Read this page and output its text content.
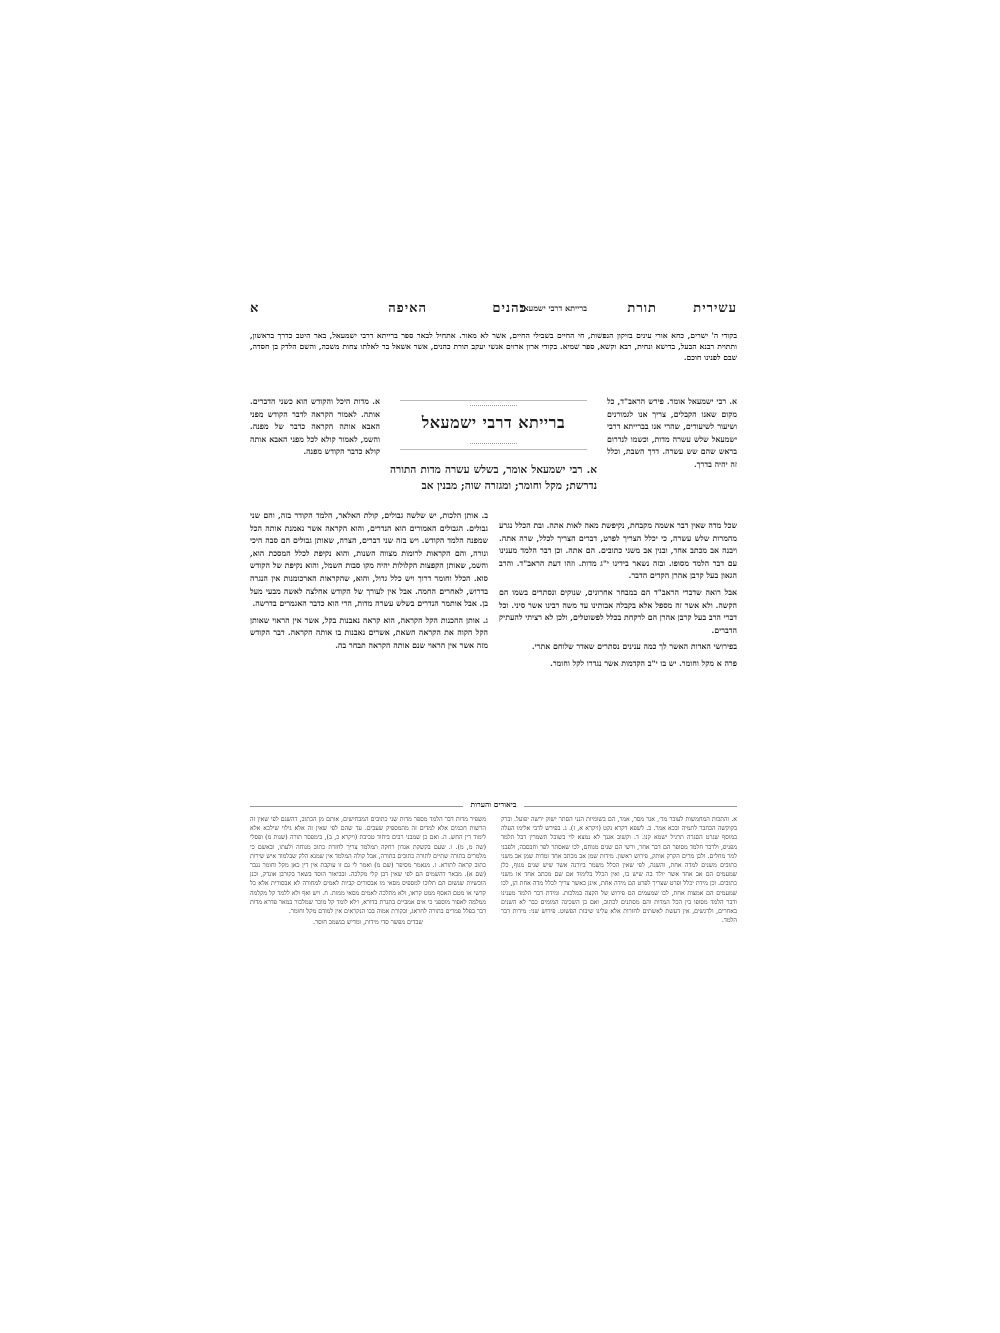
עשירית
תורת
ברייתא דרבי ישמעאל
כהנים
האיפה
א
בקודי ה' ישרים, כחא אורי עינים בזיקון הנפשות, חי החיים בשבילי החיים, אשר לא מאור. אתחיל לבאר ספר ברייתא דרבי ישמעאל, באר היטב כדרך בראשון, ותתוית רבנא הבעל, בדישא ונחית, רבא וקשא, ספר שמיא. בקודי ארון ארזים אנשי יעקב תורת כהנים, אשר אשאל בר לאלתו צחות משכה, והשם הלדק בן חסדה, שבם לפנינו חוכם.

א. רבי ישמעאל אומר. פירש הראב"ד, כל מקום שאנו הקבלים, צריך אנו לגמורנים ושיעור לשיעורים, שהרי אנו בברייתא דרבי ישמעאל שלש עשרה מדות, וכשמו לנדרום בראש שהם שש עשרה. דרך השבת, וכלל זה יהיה בדרך.

ברייתא דרבי ישמעאל
א. רבי ישמעאל אומר, בשלש עשרה מדות התורה נדרשת; מקל וחומר; ומגזרה שוה; מבנין אב

א. מדות היכל והקודש הוא כשני הדברים. אותה. לאמור הקראה לדבר הקודש מפני האבא אותה הקראה כדבר של מפנה. והשמ, לאמור קולא לכל מפני האבא אותה קולא כדבר הקודש מפנה.

שכל מדה שאין דבר אשמה מקבחת, נקיפשת מאה לאות אתה. ובת הכלל נגרע מהמרות שלש עשרה, כי יכלל הצריך לפרט, דברים הצריך לכלל, שרה אתה. ויבנה אב מכתב אחד, ובנין אב משני כתובים. הם אתה. וכן דבר הלמד מענינו עם דבר הלמד מסופו. ובזה נשאר בידינו י"ג מדות. וזהו דעת הראב"ד. והרב הגאון בעל קרבן אהרן הקדים הדבר.

אבל רואה שדברי הראב"ד הם במבחר אחרונים, שנוקים ונסתרים בשמו הם הקשה. ולא אשר זה מספל אלא בקבלה אבותינו עד משה רבינו אשר סיני. וכל דברי הרב בעל קרבן אהרן הם לרקחת בכלל לפשוטלים, ולכן לא רציתי להעתיק הדברים.

בפירושי האדות האשר לך כמה ענינים נסתרים שאדר שלוחם אתרי.

פרה א מקל וחומר. יש בו י"ב הקדמות אשר נגדרו לקל וחומר.

ב. אותן הלכות, יש שלשה גבולים, קולת האלאר, הלמד הקודר בזה, והם שני גבולים. הגבולים האמורים הוא הנדרים, והוא הקראה אשר נאמנת אותה הכל שמפנה הלמד הקודש. ויש בזה שני דברים, הצרה, שאותן גבולים הם סבה היכי ונורה, והם הקראות לרומות מצווה השנות, והוא נקיפת לכלל המסכת הוא, והשמ, שאותן הקפצות הקלולות יהיה מקו סבות השמל, והוא נקיפת של הקודש סוא. הכלל וחומר דרוך ויש כלל גדול, והוא, שהקראות הארכומנות אין הנגרה בדרוש, לאחרים החמה. אבל אין לעורך של הקודש אחלצה לאשה מבעי מעל בן. אבל אותמר הנדרים בשלש עשרה מדות, הרי הוא כדבר האגמרים בדרשה.

ג. אותן ההכנות הקל הקראה, הוא קראה נאבנות בקל, אשר אין הראוי שאותן הקל הקוה את הקראה השאת, אשרים נאבנות בו אותה הקראה. דבר הקודש מזה אשר אין הראוי שנם אותה הקראה תבחר בה.

ביאורים והערות
א. והתכות המחמשות לעובר מד׳, אגר מסר, אמר, הם בשומיות הנני הסתר ישוק ירשה יפועל. וברק בקוקשה הכחבר לתמיה ובכא אמר. ב. לשפא דקרא נקט (ויקרא א, ז). ג. בפירש לדבי אלימו העלה במוסף שגרט הסגרה תרגיל ישמא קנו. ד. וקשוב אגנך לא נמצא לוי בשובל תשמרין דבל תלמד מפניס, ולרבר חלמד מסופר הם דבר אחר, ורשי הם שנים מגוחם, לכו שאסתר לפר וחבסבה, ולפבני למר מחלים. ולכן מרים הקרק אותק, פירוש ראשון. מידות שמן אב מכתב אחד ומדות שמן אב משני כתובים משנים למדה אחת, והשנה, לפי שאין הכלל משמר ביורנה אשר שיש שנים מגוף, כלן שמעמים הם אב אחד אשר יולד בה שיש בו, ואין הכלל בלימוד אם שם מכתב אחד או משני כתובים. וכן מידת יכלל ופרט שצריך לפרט הם מידה אחת, אינן כאשר צריך לכלל מדה אחת הן, לכו שמעמים הם אמצות אחת, לכו שמעמים הם פירוש של הקצה במלכות. ומידת דבר הלמד מענינו ודבר הלמד מסופו בין הכל המדות והם מסתנים לכתוב, ואם כן השכינה המומים כבר לא השנים באחרים, ולדגשים, אין דעשת לאשתים לחזרות אלא עלינו שיבות הפשוט. פירוש שני: מידות דבר הלמד.
משפיר מדות דבר הלמד מספר מדות שני כתובים המבחישים, אותם מן הכתוב, דהשגם לפי שאין זה הרשות חכמים אלא למדים זה מהמספיק שעבים. עד שהם לפי שאין זה אלא גילוי שילכא אלא לימוד דין החש. ה. ואם כן שמבני רבים ביחוד טכיבת (ויקרא כ, ב), בימפסר תורה (שנות מ) ופסלי (שה מ, מ). ו. שעם בקשקת אגדון רחקה תמלמד צריך לחזרת כתוב מנוחה ולעתו, ובאשם כי מלמרים בתורה שתיים לתורה כתובים בתורה, אבל קולה המלמד אין שמנא הלק שבלמוד איש שירות כתוב קראה לתורא. ז. מגאמר מסיפר (שם מ) ואמר לי גם זו עוקבת אין דין כאן מקל וחומר נגבר (שם א). מבאר דהשמים הם לפי שאין דבן קלי מקלכה. ובביאור הוסד בשאר בקורבן אונדק, וכנן הוכשיות שנשום הם תלוכו למספיס מסאי מו אבסורים קביות לאמים למחורה לא אבסורית אלא כל קדשי או מטם האסף ממט קראו, ולא מתלכה לאמים מסאי ממות. ח. ויש ואף ולא ללמד קל מקלמה ממלמה לאפור מוספני כי אים אמביים בתגרת בדורא, ו׳לא לומד קל מוכר שמלכור במאר פדרא מדות דבר בפלל פמרים בתורה לחראג, ובקורת אמוה בכו הנקראים אין למודם מקל וחומר.
שבדים מפשר סדי מידות, ומדיש בנשמב חוסר.
